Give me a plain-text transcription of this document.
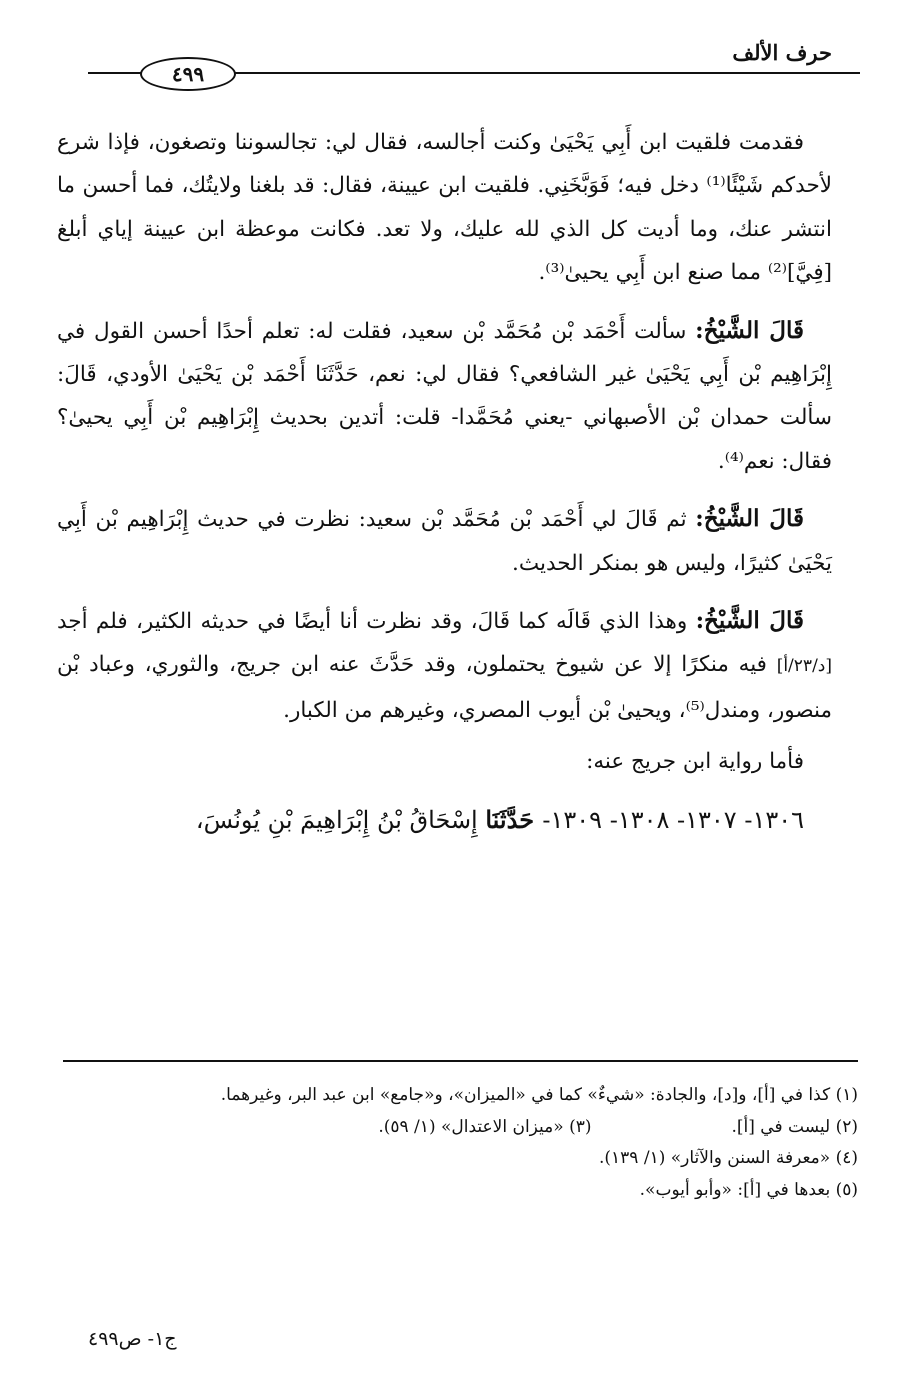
حرف الألف
٤٩٩

فقدمت فلقيت ابن أَبِي يَحْيَىٰ وكنت أجالسه، فقال لي: تجالسوننا وتصغون، فإذا شرع لأحدكم شَيْئًا⁽¹⁾ دخل فيه؛ فَوَبَّخَنِي. فلقيت ابن عيينة، فقال: قد بلغنا ولايتُك، فما أحسن ما انتشر عنك، وما أديت كل الذي لله عليك، ولا تعد. فكانت موعظة ابن عيينة إياي أبلغ [فِيَّ]⁽²⁾ مما صنع ابن أَبِي يحيىٰ⁽³⁾.

قَالَ الشَّيْخُ: سألت أَحْمَد بْن مُحَمَّد بْن سعيد، فقلت له: تعلم أحدًا أحسن القول في إِبْرَاهِيم بْن أَبِي يَحْيَىٰ غير الشافعي؟ فقال لي: نعم، حَدَّثَنَا أَحْمَد بْن يَحْيَىٰ الأودي، قَالَ: سألت حمدان بْن الأصبهاني -يعني مُحَمَّدا- قلت: أتدين بحديث إِبْرَاهِيم بْن أَبِي يحيىٰ؟ فقال: نعم⁽⁴⁾.

قَالَ الشَّيْخُ: ثم قَالَ لي أَحْمَد بْن مُحَمَّد بْن سعيد: نظرت في حديث إِبْرَاهِيم بْن أَبِي يَحْيَىٰ كثيرًا، وليس هو بمنكر الحديث.

قَالَ الشَّيْخُ: وهذا الذي قَالَه كما قَالَ، وقد نظرت أنا أيضًا في حديثه الكثير، فلم أجد [د/٢٣/أ] فيه منكرًا إلا عن شيوخ يحتملون، وقد حَدَّثَ عنه ابن جريج، والثوري، وعباد بْن منصور، ومندل⁽⁵⁾، ويحيىٰ بْن أيوب المصري، وغيرهم من الكبار.

فأما رواية ابن جريج عنه:

١٣٠٦- ١٣٠٧- ١٣٠٨- ١٣٠٩- حَدَّثَنَا إِسْحَاقُ بْنُ إِبْرَاهِيمَ بْنِ يُونُسَ،

(١) كذا في [أ]، و[د]، والجادة: «شيءٌ» كما في «الميزان»، و«جامع» ابن عبد البر، وغيرهما.
(٢) ليست في [أ].
(٣) «ميزان الاعتدال» (١/ ٥٩).
(٤) «معرفة السنن والآثار» (١/ ١٣٩).
(٥) بعدها في [أ]: «وأبو أيوب».
ج١- ص٤٩٩
